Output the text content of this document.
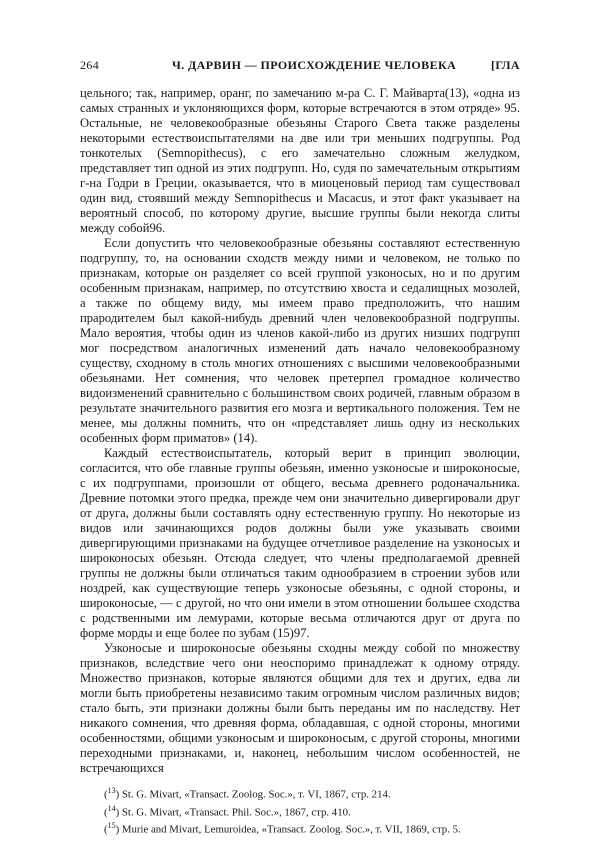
264	Ч. ДАРВИН — ПРОИСХОЖДЕНИЕ ЧЕЛОВЕКА	[ГЛА

цельного; так, например, оранг, по замечанию м-ра С. Г. Майварта(13), «одна из самых странных и уклоняющихся форм, которые встречаются в этом отряде» 95. Остальные, не человекообразные обезьяны Старого Света также разделены некоторыми естествоиспытателями на две или три меньших подгруппы. Род тонкотелых (Semnopithecus), с его замечательно сложным желудком, представляет тип одной из этих подгрупп. Но, судя по замечательным открытиям г-на Годри в Греции, оказывается, что в миоценовый период там существовал один вид, стоявший между Semnopithecus и Macacus, и этот факт указывает на вероятный способ, по которому другие, высшие группы были некогда слиты между собой96.

Если допустить что человекообразные обезьяны составляют естественную подгруппу, то, на основании сходств между ними и человеком, не только по признакам, которые он разделяет со всей группой узконосых, но и по другим особенным признакам, например, по отсутствию хвоста и седалищных мозолей, а также по общему виду, мы имеем право предположить, что нашим прародителем был какой-нибудь древний член человекообразной подгруппы. Мало вероятия, чтобы один из членов какой-либо из других низших подгрупп мог посредством аналогичных изменений дать начало человекообразному существу, сходному в столь многих отношениях с высшими человекообразными обезьянами. Нет сомнения, что человек претерпел громадное количество видоизменений сравнительно с большинством своих родичей, главным образом в результате значительного развития его мозга и вертикального положения. Тем не менее, мы должны помнить, что он «представляет лишь одну из нескольких особенных форм приматов» (14).

Каждый естествоиспытатель, который верит в принцип эволюции, согласится, что обе главные группы обезьян, именно узконосые и широконосые, с их подгруппами, произошли от общего, весьма древнего родоначальника. Древние потомки этого предка, прежде чем они значительно дивергировали друг от друга, должны были составлять одну естественную группу. Но некоторые из видов или зачинающихся родов должны были уже указывать своими дивергирующими признаками на будущее отчетливое разделение на узконосых и широконосых обезьян. Отсюда следует, что члены предполагаемой древней группы не должны были отличаться таким однообразием в строении зубов или ноздрей, как существующие теперь узконосые обезьяны, с одной стороны, и широконосые, — с другой, но что они имели в этом отношении большее сходства с родственными им лемурами, которые весьма отличаются друг от друга по форме морды и еще более по зубам (15)97.

Узконосые и широконосые обезьяны сходны между собой по множеству признаков, вследствие чего они неоспоримо принадлежат к одному отряду. Множество признаков, которые являются общими для тех и других, едва ли могли быть приобретены независимо таким огромным числом различных видов; стало быть, эти признаки должны были быть переданы им по наследству. Нет никакого сомнения, что древняя форма, обладавшая, с одной стороны, многими особенностями, общими узконосым и широконосым, с другой стороны, многими переходными признаками, и, наконец, небольшим числом особенностей, не встречающихся

($^{13}$) St. G. Mivart, «Transact. Zoolog. Soc.», т. VI, 1867, стр. 214.

($^{14}$) St. G. Mivart, «Transact. Phil. Soc.», 1867, стр. 410.

($^{15}$) Murie and Mivart, Lemuroidea, «Transact. Zoolog. Soc.», т. VII, 1869, стр. 5.
